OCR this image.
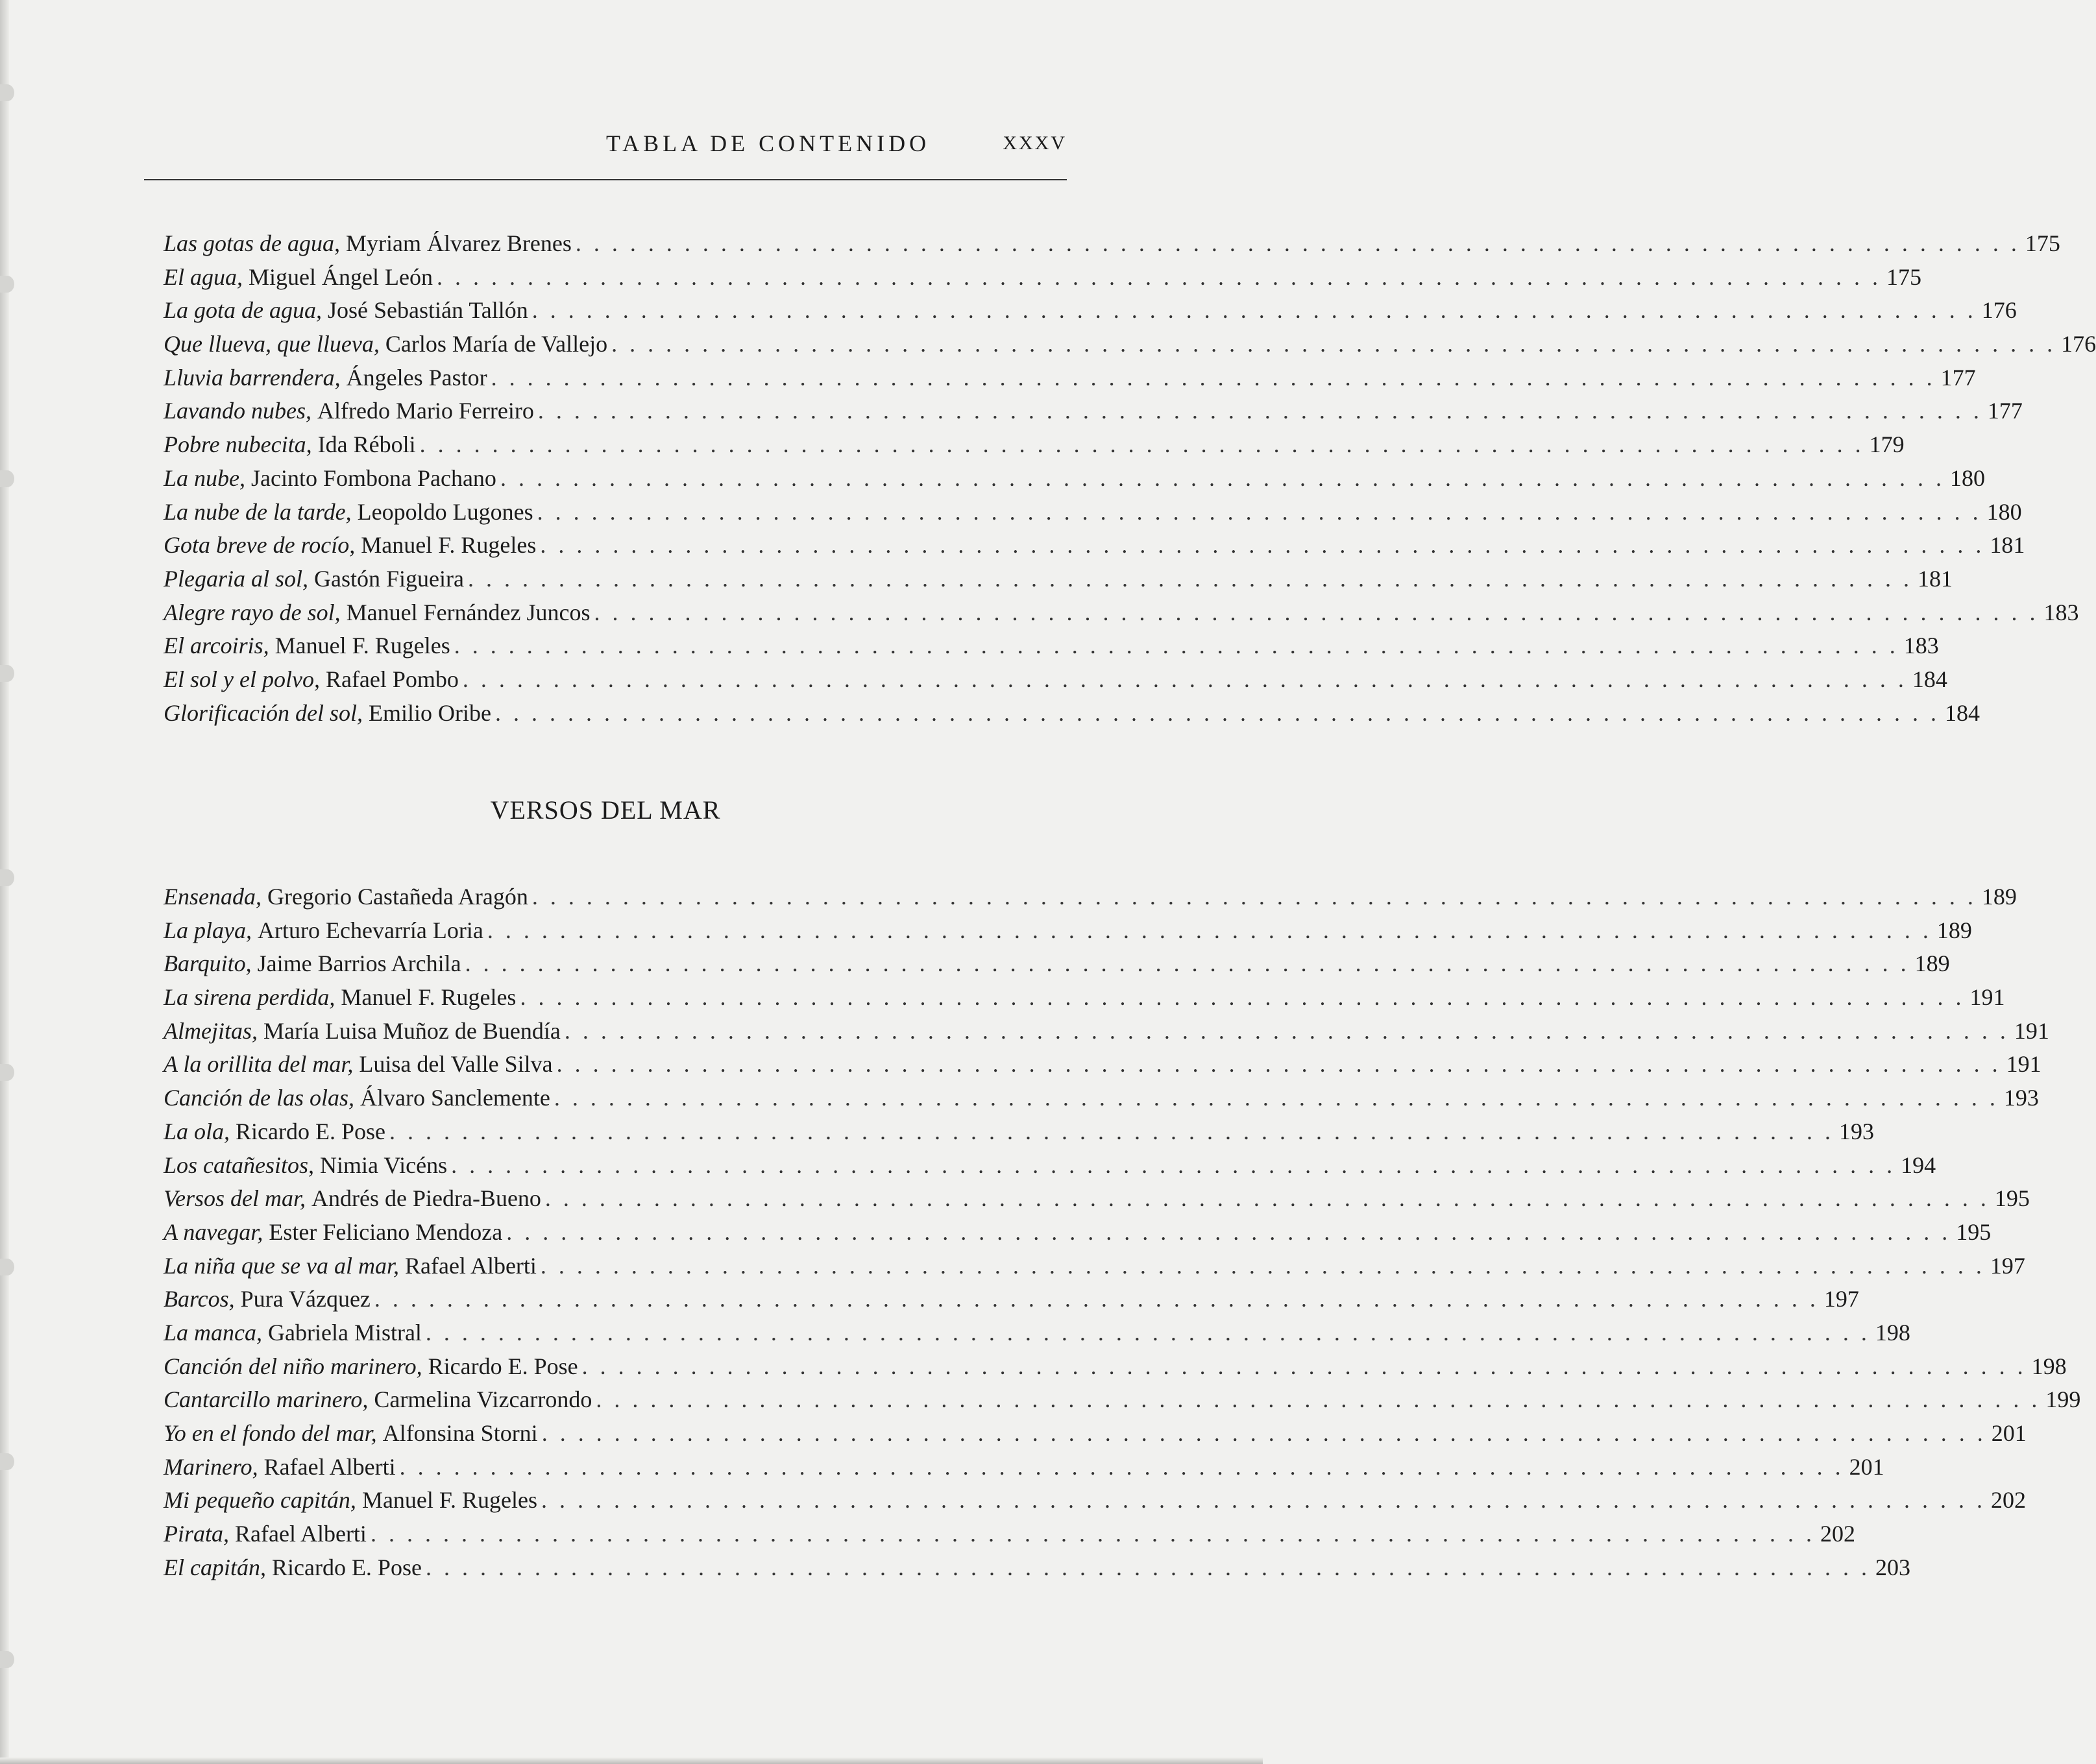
TABLA DE CONTENIDO	XXXV
Las gotas de agua,
Myriam Álvarez Brenes . . . . . . . . . . . . . . . . . . . . . . . . . . . . . . . . . . . . . . . . . . . . . . . . . . . . . . . . . . . . . . . . . . . . . . . . . . . . . . . . 175
El agua,
Miguel Ángel León . . . . . . . . . . . . . . . . . . . . . . . . . . . . . . . . . . . . . . . . . . . . . . . . . . . . . . . . . . . . . . . . . . . . . . . . . . . . . . . . 175
La gota de agua,
José Sebastián Tallón . . . . . . . . . . . . . . . . . . . . . . . . . . . . . . . . . . . . . . . . . . . . . . . . . . . . . . . . . . . . . . . . . . . . . . . . . . . . . . . . 176
Que llueva, que llueva,
Carlos María de Vallejo . . . . . . . . . . . . . . . . . . . . . . . . . . . . . . . . . . . . . . . . . . . . . . . . . . . . . . . . . . . . . . . . . . . . . . . . . . . . . . . . 176
Lluvia barrendera,
Ángeles Pastor . . . . . . . . . . . . . . . . . . . . . . . . . . . . . . . . . . . . . . . . . . . . . . . . . . . . . . . . . . . . . . . . . . . . . . . . . . . . . . . . 177
Lavando nubes,
Alfredo Mario Ferreiro . . . . . . . . . . . . . . . . . . . . . . . . . . . . . . . . . . . . . . . . . . . . . . . . . . . . . . . . . . . . . . . . . . . . . . . . . . . . . . . . 177
Pobre nubecita,
Ida Réboli . . . . . . . . . . . . . . . . . . . . . . . . . . . . . . . . . . . . . . . . . . . . . . . . . . . . . . . . . . . . . . . . . . . . . . . . . . . . . . . . 179
La nube,
Jacinto Fombona Pachano . . . . . . . . . . . . . . . . . . . . . . . . . . . . . . . . . . . . . . . . . . . . . . . . . . . . . . . . . . . . . . . . . . . . . . . . . . . . . . . . 180
La nube de la tarde,
Leopoldo Lugones . . . . . . . . . . . . . . . . . . . . . . . . . . . . . . . . . . . . . . . . . . . . . . . . . . . . . . . . . . . . . . . . . . . . . . . . . . . . . . . . 180
Gota breve de rocío,
Manuel F. Rugeles . . . . . . . . . . . . . . . . . . . . . . . . . . . . . . . . . . . . . . . . . . . . . . . . . . . . . . . . . . . . . . . . . . . . . . . . . . . . . . . . 181
Plegaria al sol,
Gastón Figueira . . . . . . . . . . . . . . . . . . . . . . . . . . . . . . . . . . . . . . . . . . . . . . . . . . . . . . . . . . . . . . . . . . . . . . . . . . . . . . . . 181
Alegre rayo de sol,
Manuel Fernández Juncos . . . . . . . . . . . . . . . . . . . . . . . . . . . . . . . . . . . . . . . . . . . . . . . . . . . . . . . . . . . . . . . . . . . . . . . . . . . . . . . . 183
El arcoiris,
Manuel F. Rugeles . . . . . . . . . . . . . . . . . . . . . . . . . . . . . . . . . . . . . . . . . . . . . . . . . . . . . . . . . . . . . . . . . . . . . . . . . . . . . . . . 183
El sol y el polvo,
Rafael Pombo . . . . . . . . . . . . . . . . . . . . . . . . . . . . . . . . . . . . . . . . . . . . . . . . . . . . . . . . . . . . . . . . . . . . . . . . . . . . . . . . 184
Glorificación del sol,
Emilio Oribe . . . . . . . . . . . . . . . . . . . . . . . . . . . . . . . . . . . . . . . . . . . . . . . . . . . . . . . . . . . . . . . . . . . . . . . . . . . . . . . . 184
VERSOS DEL MAR
Ensenada,
Gregorio Castañeda Aragón . . . . . . . . . . . . . . . . . . . . . . . . . . . . . . . . . . . . . . . . . . . . . . . . . . . . . . . . . . . . . . . . . . . . . . . . . . . . . . . . 189
La playa,
Arturo Echevarría Loria . . . . . . . . . . . . . . . . . . . . . . . . . . . . . . . . . . . . . . . . . . . . . . . . . . . . . . . . . . . . . . . . . . . . . . . . . . . . . . . . 189
Barquito,
Jaime Barrios Archila . . . . . . . . . . . . . . . . . . . . . . . . . . . . . . . . . . . . . . . . . . . . . . . . . . . . . . . . . . . . . . . . . . . . . . . . . . . . . . . . 189
La sirena perdida,
Manuel F. Rugeles . . . . . . . . . . . . . . . . . . . . . . . . . . . . . . . . . . . . . . . . . . . . . . . . . . . . . . . . . . . . . . . . . . . . . . . . . . . . . . . . 191
Almejitas,
María Luisa Muñoz de Buendía . . . . . . . . . . . . . . . . . . . . . . . . . . . . . . . . . . . . . . . . . . . . . . . . . . . . . . . . . . . . . . . . . . . . . . . . . . . . . . . . 191
A la orillita del mar,
Luisa del Valle Silva . . . . . . . . . . . . . . . . . . . . . . . . . . . . . . . . . . . . . . . . . . . . . . . . . . . . . . . . . . . . . . . . . . . . . . . . . . . . . . . . 191
Canción de las olas,
Álvaro Sanclemente . . . . . . . . . . . . . . . . . . . . . . . . . . . . . . . . . . . . . . . . . . . . . . . . . . . . . . . . . . . . . . . . . . . . . . . . . . . . . . . . 193
La ola,
Ricardo E. Pose . . . . . . . . . . . . . . . . . . . . . . . . . . . . . . . . . . . . . . . . . . . . . . . . . . . . . . . . . . . . . . . . . . . . . . . . . . . . . . . . 193
Los catañesitos,
Nimia Vicéns . . . . . . . . . . . . . . . . . . . . . . . . . . . . . . . . . . . . . . . . . . . . . . . . . . . . . . . . . . . . . . . . . . . . . . . . . . . . . . . . 194
Versos del mar,
Andrés de Piedra-Bueno . . . . . . . . . . . . . . . . . . . . . . . . . . . . . . . . . . . . . . . . . . . . . . . . . . . . . . . . . . . . . . . . . . . . . . . . . . . . . . . . 195
A navegar,
Ester Feliciano Mendoza . . . . . . . . . . . . . . . . . . . . . . . . . . . . . . . . . . . . . . . . . . . . . . . . . . . . . . . . . . . . . . . . . . . . . . . . . . . . . . . . 195
La niña que se va al mar,
Rafael Alberti . . . . . . . . . . . . . . . . . . . . . . . . . . . . . . . . . . . . . . . . . . . . . . . . . . . . . . . . . . . . . . . . . . . . . . . . . . . . . . . . 197
Barcos,
Pura Vázquez . . . . . . . . . . . . . . . . . . . . . . . . . . . . . . . . . . . . . . . . . . . . . . . . . . . . . . . . . . . . . . . . . . . . . . . . . . . . . . . . 197
La manca,
Gabriela Mistral . . . . . . . . . . . . . . . . . . . . . . . . . . . . . . . . . . . . . . . . . . . . . . . . . . . . . . . . . . . . . . . . . . . . . . . . . . . . . . . . 198
Canción del niño marinero,
Ricardo E. Pose . . . . . . . . . . . . . . . . . . . . . . . . . . . . . . . . . . . . . . . . . . . . . . . . . . . . . . . . . . . . . . . . . . . . . . . . . . . . . . . . 198
Cantarcillo marinero,
Carmelina Vizcarrondo . . . . . . . . . . . . . . . . . . . . . . . . . . . . . . . . . . . . . . . . . . . . . . . . . . . . . . . . . . . . . . . . . . . . . . . . . . . . . . . . 199
Yo en el fondo del mar,
Alfonsina Storni . . . . . . . . . . . . . . . . . . . . . . . . . . . . . . . . . . . . . . . . . . . . . . . . . . . . . . . . . . . . . . . . . . . . . . . . . . . . . . . . 201
Marinero,
Rafael Alberti . . . . . . . . . . . . . . . . . . . . . . . . . . . . . . . . . . . . . . . . . . . . . . . . . . . . . . . . . . . . . . . . . . . . . . . . . . . . . . . . 201
Mi pequeño capitán,
Manuel F. Rugeles . . . . . . . . . . . . . . . . . . . . . . . . . . . . . . . . . . . . . . . . . . . . . . . . . . . . . . . . . . . . . . . . . . . . . . . . . . . . . . . . 202
Pirata,
Rafael Alberti . . . . . . . . . . . . . . . . . . . . . . . . . . . . . . . . . . . . . . . . . . . . . . . . . . . . . . . . . . . . . . . . . . . . . . . . . . . . . . . . 202
El capitán,
Ricardo E. Pose . . . . . . . . . . . . . . . . . . . . . . . . . . . . . . . . . . . . . . . . . . . . . . . . . . . . . . . . . . . . . . . . . . . . . . . . . . . . . . . . 203
